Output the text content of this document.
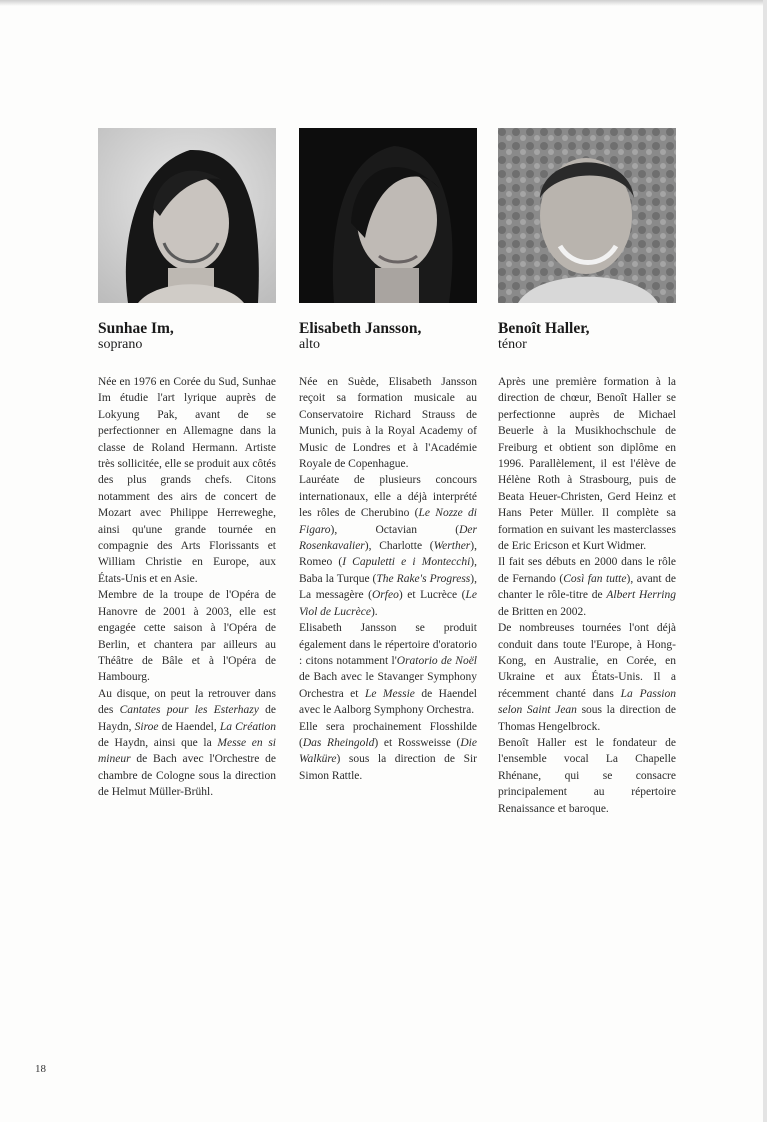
Sunhae Im,
soprano

Née en 1976 en Corée du Sud, Sunhae Im étudie l'art lyrique auprès de Lokyung Pak, avant de se perfectionner en Allemagne dans la classe de Roland Hermann. Artiste très sollicitée, elle se produit aux côtés des plus grands chefs. Citons notamment des airs de concert de Mozart avec Philippe Herreweghe, ainsi qu'une grande tournée en compagnie des Arts Florissants et William Christie en Europe, aux États-Unis et en Asie.

Membre de la troupe de l'Opéra de Hanovre de 2001 à 2003, elle est engagée cette saison à l'Opéra de Berlin, et chantera par ailleurs au Théâtre de Bâle et à l'Opéra de Hambourg.

Au disque, on peut la retrouver dans des Cantates pour les Esterhazy de Haydn, Siroe de Haendel, La Création de Haydn, ainsi que la Messe en si mineur de Bach avec l'Orchestre de chambre de Cologne sous la direction de Helmut Müller-Brühl.

Elisabeth Jansson,
alto

Née en Suède, Elisabeth Jansson reçoit sa formation musicale au Conservatoire Richard Strauss de Munich, puis à la Royal Academy of Music de Londres et à l'Académie Royale de Copenhague.

Lauréate de plusieurs concours internationaux, elle a déjà interprété les rôles de Cherubino (Le Nozze di Figaro), Octavian (Der Rosenkavalier), Charlotte (Werther), Romeo (I Capuletti e i Montecchi), Baba la Turque (The Rake's Progress), La messagère (Orfeo) et Lucrèce (Le Viol de Lucrèce).

Elisabeth Jansson se produit également dans le répertoire d'oratorio : citons notamment l'Oratorio de Noël de Bach avec le Stavanger Symphony Orchestra et Le Messie de Haendel avec le Aalborg Symphony Orchestra.

Elle sera prochainement Flosshilde (Das Rheingold) et Rossweisse (Die Walküre) sous la direction de Sir Simon Rattle.

Benoît Haller,
ténor

Après une première formation à la direction de chœur, Benoît Haller se perfectionne auprès de Michael Beuerle à la Musikhochschule de Freiburg et obtient son diplôme en 1996. Parallèlement, il est l'élève de Hélène Roth à Strasbourg, puis de Beata Heuer-Christen, Gerd Heinz et Hans Peter Müller. Il complète sa formation en suivant les masterclasses de Eric Ericson et Kurt Widmer.

Il fait ses débuts en 2000 dans le rôle de Fernando (Così fan tutte), avant de chanter le rôle-titre de Albert Herring de Britten en 2002.

De nombreuses tournées l'ont déjà conduit dans toute l'Europe, à Hong-Kong, en Australie, en Corée, en Ukraine et aux États-Unis. Il a récemment chanté dans La Passion selon Saint Jean sous la direction de Thomas Hengelbrock.

Benoît Haller est le fondateur de l'ensemble vocal La Chapelle Rhénane, qui se consacre principalement au répertoire Renaissance et baroque.

18
